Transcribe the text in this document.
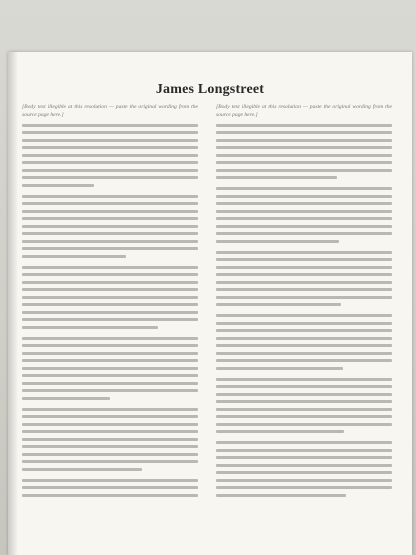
James Longstreet

[Body text illegible at this resolution — paste the original wording from the source page here.]

[Body text illegible at this resolution — paste the original wording from the source page here.]
